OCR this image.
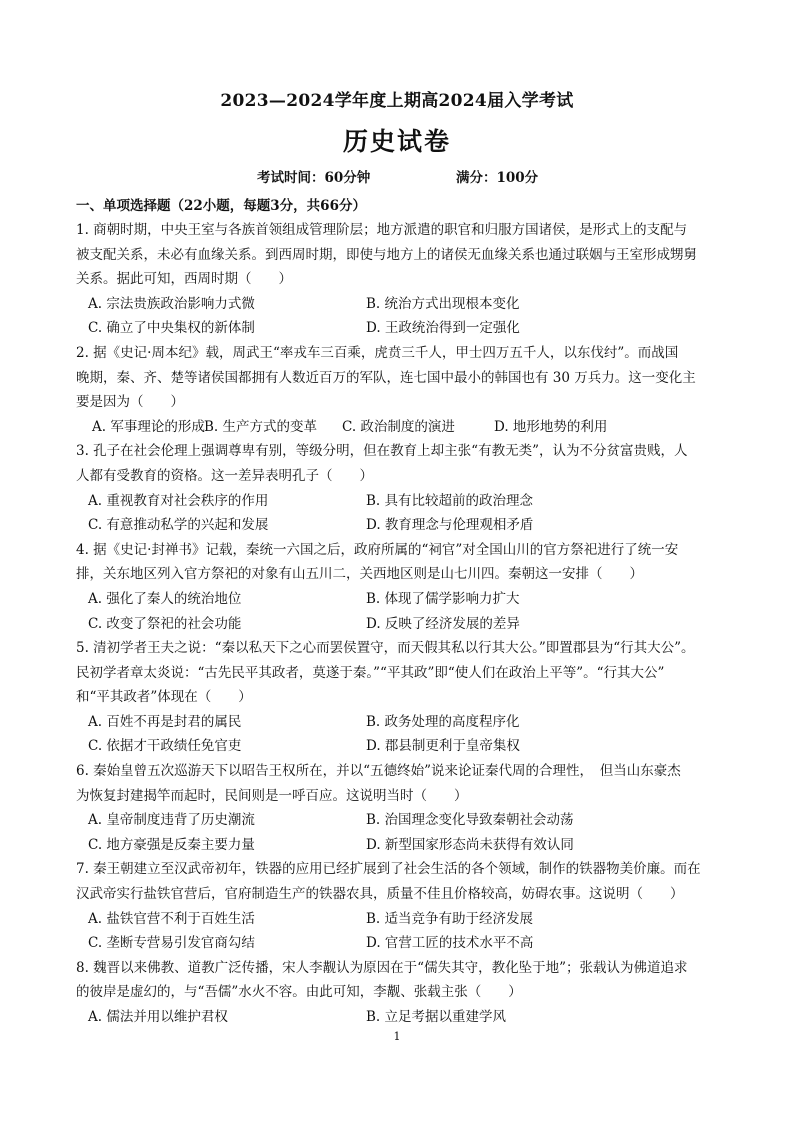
2023—2024学年度上期高2024届入学考试
历史试卷
考试时间：60分钟	满分：100分
一、单项选择题（22小题，每题3分，共66分）
1. 商朝时期，中央王室与各族首领组成管理阶层；地方派遣的职官和归服方国诸侯，是形式上的支配与
被支配关系，未必有血缘关系。到西周时期，即使与地方上的诸侯无血缘关系也通过联姻与王室形成甥舅
关系。据此可知，西周时期（　　）
A. 宗法贵族政治影响力式微	B. 统治方式出现根本变化
C. 确立了中央集权的新体制	D. 王政统治得到一定强化
2. 据《史记·周本纪》载，周武王“率戎车三百乘，虎贲三千人，甲士四万五千人，以东伐纣”。而战国
晚期，秦、齐、楚等诸侯国都拥有人数近百万的军队，连七国中最小的韩国也有 30 万兵力。这一变化主
要是因为（　　）
A. 军事理论的形成 B. 生产方式的变革 C. 政治制度的演进	D. 地形地势的利用
3. 孔子在社会伦理上强调尊卑有别，等级分明，但在教育上却主张“有教无类”，认为不分贫富贵贱，人
人都有受教育的资格。这一差异表明孔子（　　）
A. 重视教育对社会秩序的作用	B. 具有比较超前的政治理念
C. 有意推动私学的兴起和发展	D. 教育理念与伦理观相矛盾
4. 据《史记·封禅书》记载，秦统一六国之后，政府所属的“祠官”对全国山川的官方祭祀进行了统一安
排，关东地区列入官方祭祀的对象有山五川二，关西地区则是山七川四。秦朝这一安排（　　）
A. 强化了秦人的统治地位	B. 体现了儒学影响力扩大
C. 改变了祭祀的社会功能	D. 反映了经济发展的差异
5. 清初学者王夫之说：“秦以私天下之心而罢侯置守，而天假其私以行其大公。”即置郡县为“行其大公”。
民初学者章太炎说：“古先民平其政者，莫遂于秦。”“平其政”即“使人们在政治上平等”。“行其大公”
和“平其政者”体现在（　　）
A. 百姓不再是封君的属民	B. 政务处理的高度程序化
C. 依据才干政绩任免官吏	D. 郡县制更利于皇帝集权
6. 秦始皇曾五次巡游天下以昭告王权所在，并以“五德终始”说来论证秦代周的合理性，　但当山东豪杰
为恢复封建揭竿而起时，民间则是一呼百应。这说明当时（　　）
A. 皇帝制度违背了历史潮流	B. 治国理念变化导致秦朝社会动荡
C. 地方豪强是反秦主要力量	D. 新型国家形态尚未获得有效认同
7. 秦王朝建立至汉武帝初年，铁器的应用已经扩展到了社会生活的各个领域，制作的铁器物美价廉。而在
汉武帝实行盐铁官营后，官府制造生产的铁器农具，质量不佳且价格较高，妨碍农事。这说明（　　）
A. 盐铁官营不利于百姓生活	B. 适当竞争有助于经济发展
C. 垄断专营易引发官商勾结	D. 官营工匠的技术水平不高
8. 魏晋以来佛教、道教广泛传播，宋人李觏认为原因在于“儒失其守，教化坠于地”；张载认为佛道追求
的彼岸是虚幻的，与“吾儒”水火不容。由此可知，李觏、张载主张（　　）
A. 儒法并用以维护君权	B. 立足考据以重建学风
1
